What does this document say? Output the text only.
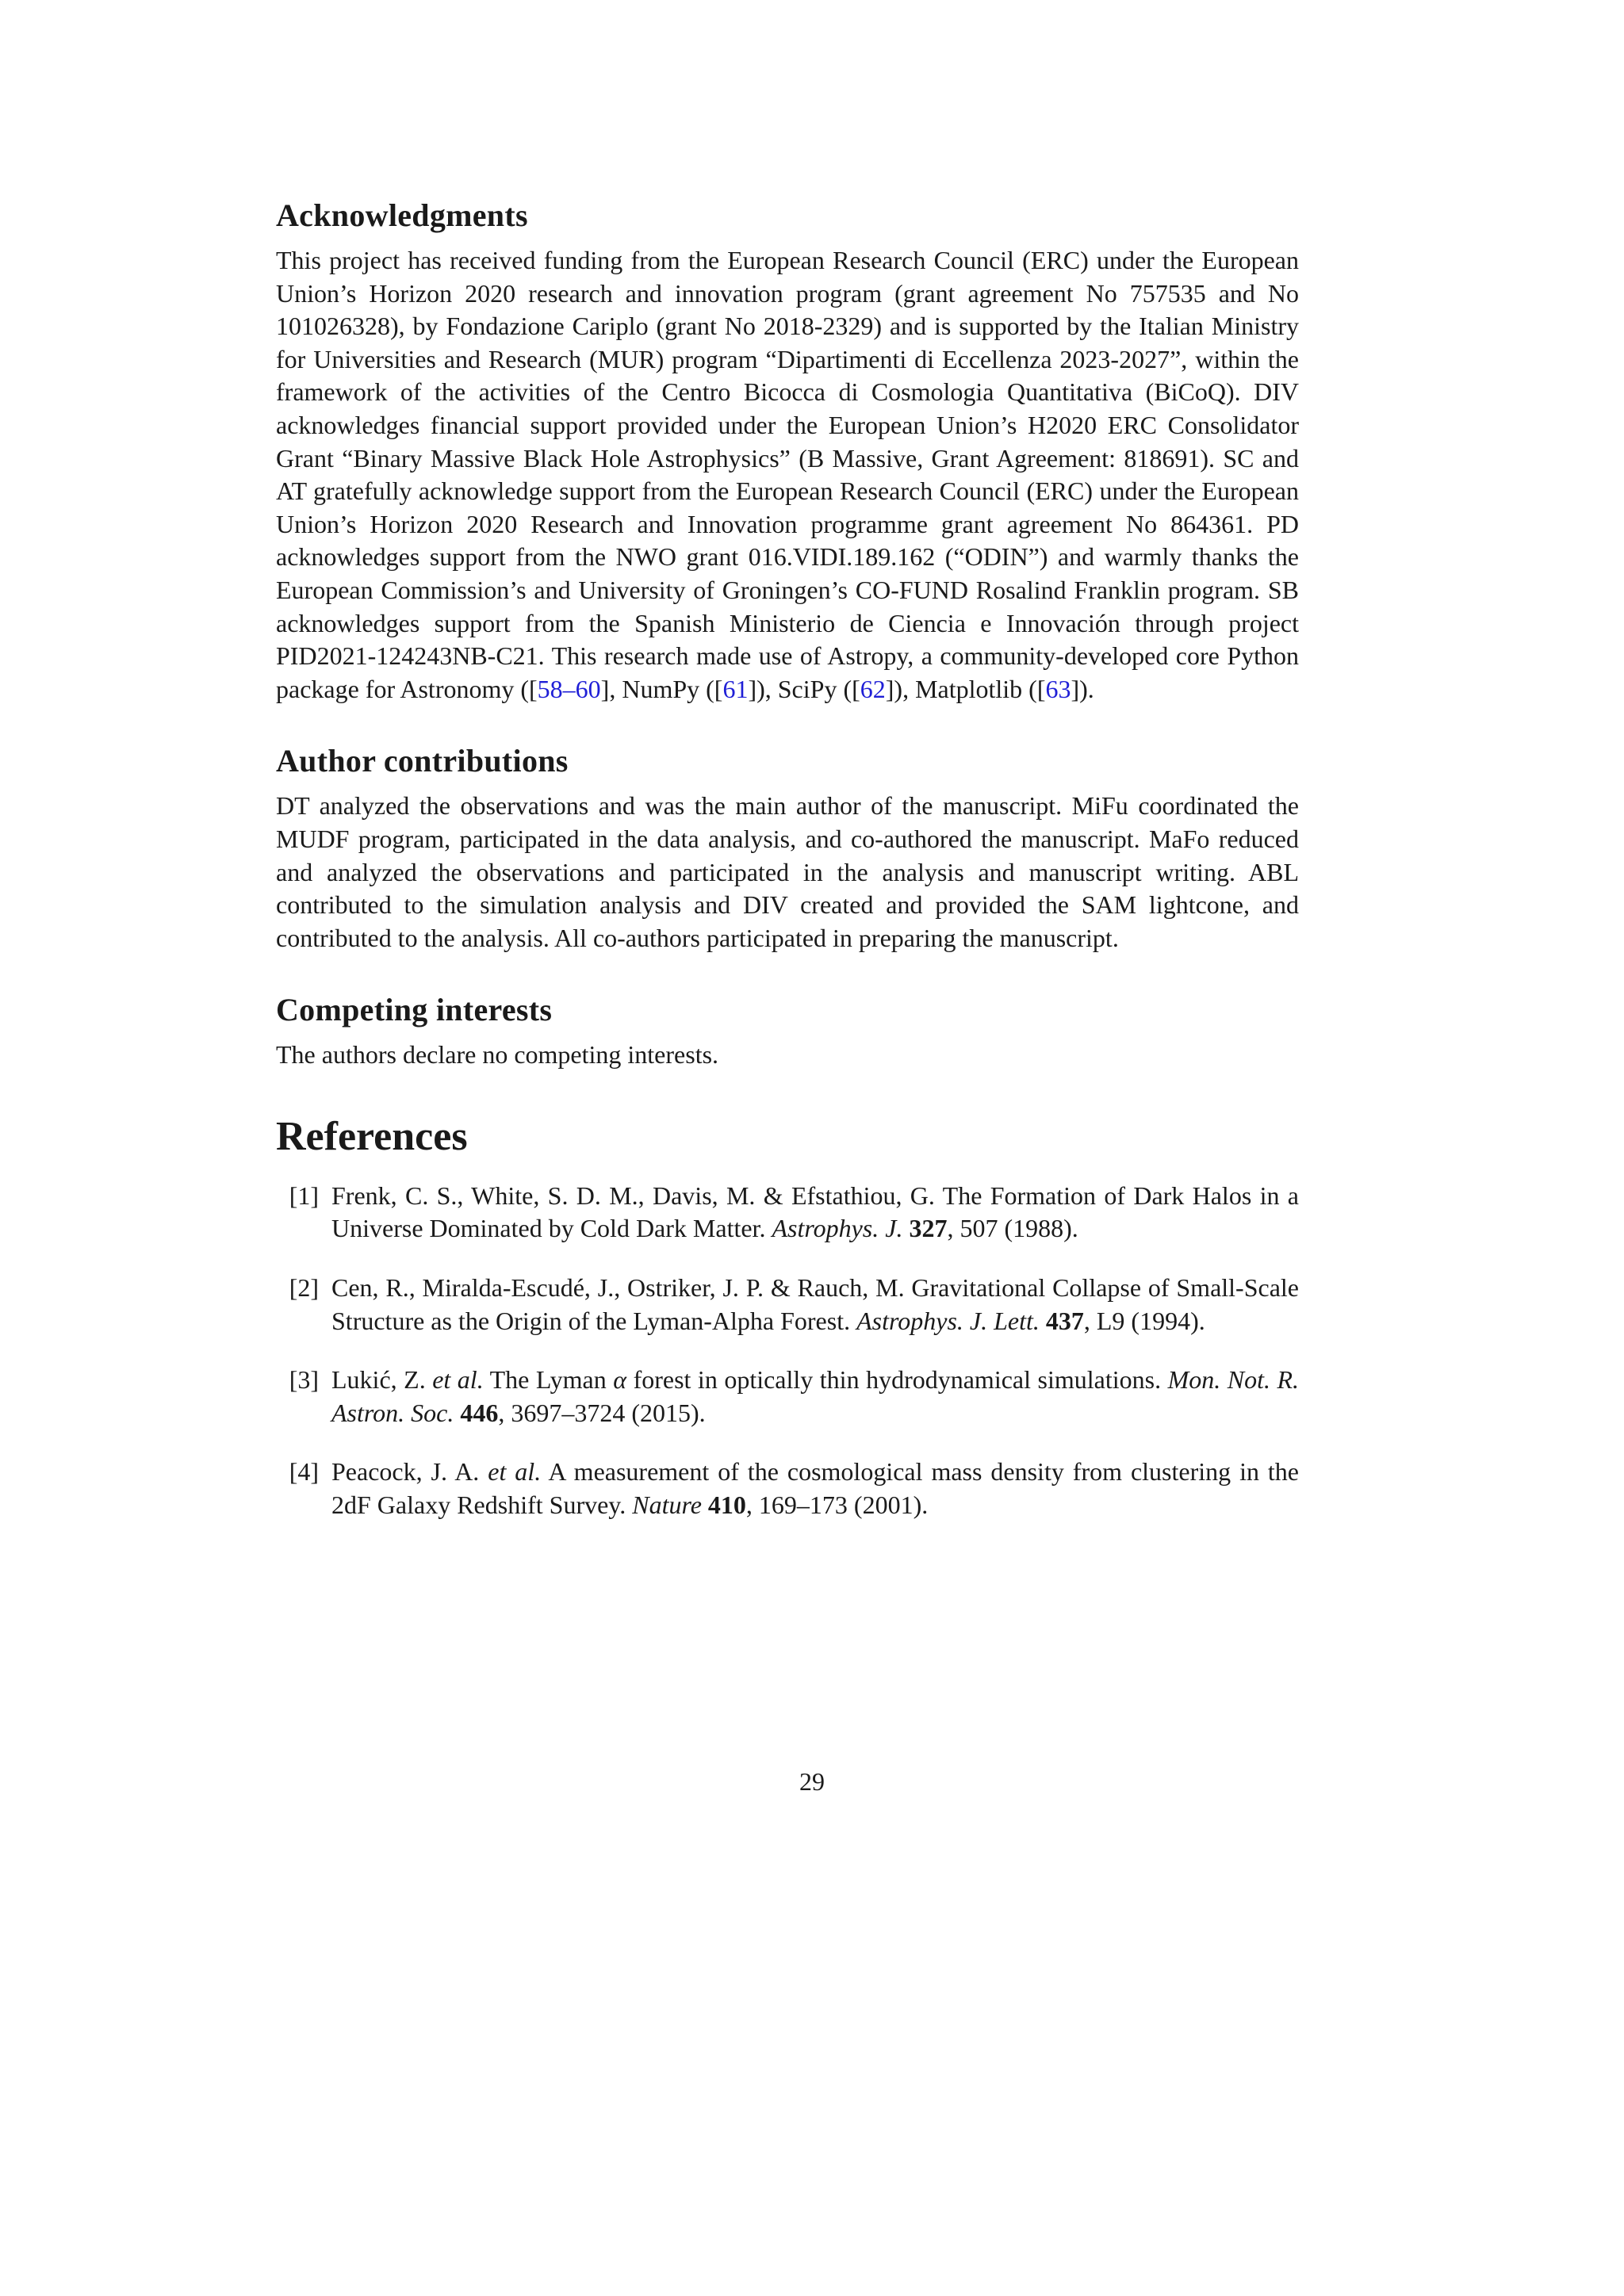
Acknowledgments

This project has received funding from the European Research Council (ERC) under the European Union’s Horizon 2020 research and innovation program (grant agreement No 757535 and No 101026328), by Fondazione Cariplo (grant No 2018-2329) and is supported by the Italian Ministry for Universities and Research (MUR) program “Dipartimenti di Eccellenza 2023-2027”, within the framework of the activities of the Centro Bicocca di Cosmologia Quantitativa (BiCoQ). DIV acknowledges financial support provided under the European Union’s H2020 ERC Consolidator Grant “Binary Massive Black Hole Astrophysics” (B Massive, Grant Agreement: 818691). SC and AT gratefully acknowledge support from the European Research Council (ERC) under the European Union’s Horizon 2020 Research and Innovation programme grant agreement No 864361. PD acknowledges support from the NWO grant 016.VIDI.189.162 (“ODIN”) and warmly thanks the European Commission’s and University of Groningen’s CO-FUND Rosalind Franklin program. SB acknowledges support from the Spanish Ministerio de Ciencia e Innovación through project PID2021-124243NB-C21. This research made use of Astropy, a community-developed core Python package for Astronomy ([58–60], NumPy ([61]), SciPy ([62]), Matplotlib ([63]).

Author contributions

DT analyzed the observations and was the main author of the manuscript. MiFu coordinated the MUDF program, participated in the data analysis, and co-authored the manuscript. MaFo reduced and analyzed the observations and participated in the analysis and manuscript writing. ABL contributed to the simulation analysis and DIV created and provided the SAM lightcone, and contributed to the analysis. All co-authors participated in preparing the manuscript.

Competing interests

The authors declare no competing interests.

References
[1] Frenk, C. S., White, S. D. M., Davis, M. & Efstathiou, G. The Formation of Dark Halos in a Universe Dominated by Cold Dark Matter. Astrophys. J. 327, 507 (1988).
[2] Cen, R., Miralda-Escudé, J., Ostriker, J. P. & Rauch, M. Gravitational Collapse of Small-Scale Structure as the Origin of the Lyman-Alpha Forest. Astrophys. J. Lett. 437, L9 (1994).
[3] Lukić, Z. et al. The Lyman α forest in optically thin hydrodynamical simulations. Mon. Not. R. Astron. Soc. 446, 3697–3724 (2015).
[4] Peacock, J. A. et al. A measurement of the cosmological mass density from clustering in the 2dF Galaxy Redshift Survey. Nature 410, 169–173 (2001).
29
